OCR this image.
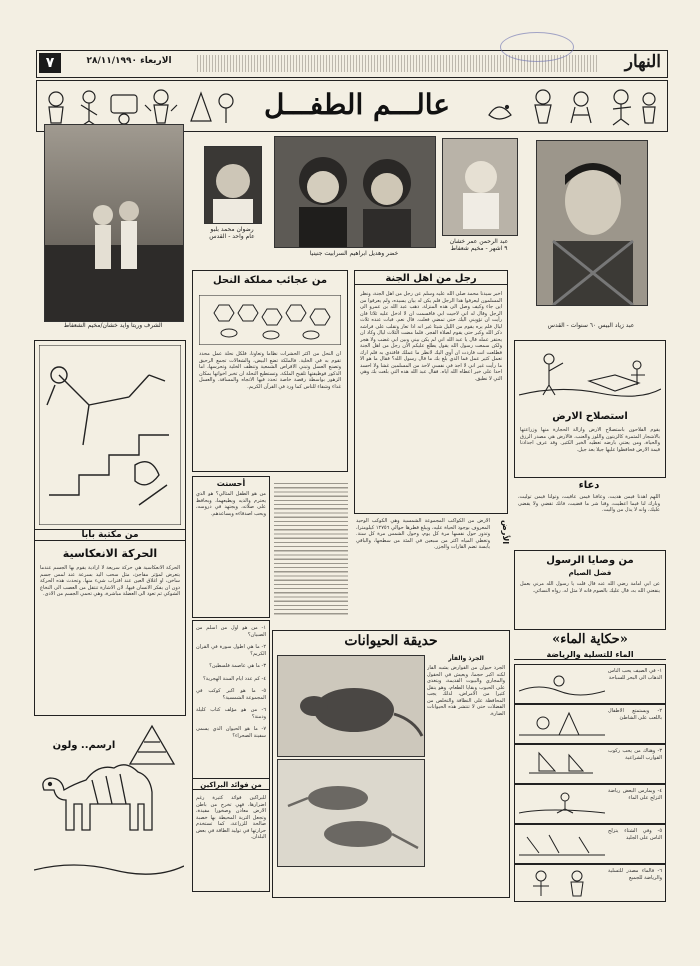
٧	الاربعاء ٢٨/١١/١٩٩٠	النهار
عالـــم الطفـــل
الشرف وريتا وايد خشان/مخيم الشعفاط
رضوان محمد بلبو
عام واحد - القدس
خضر وهديل ابراهيم السرابيت جنينيا
عبد الرحمن عمر خشان
٩ اشهر - مخيم شعفاط
عبد زياد البيس ٦٠ سنوات - القدس
رجل من اهل الجنة
اخبر سيدنا محمد صلى الله عليه وسلم عن رجل من اهل الجنة، ونظر المسلمون ليعرفوا هذا الرجل فلم يكن له بيان يسيده، ولم يعرفوا من اين جاء وكيف وصل الى هذه المنزلة. ذهب عبد الله بن عمرو الى الرجل وقال له اني لاحيت ابي فاقسمت ان لا ادخل عليه ثلاثا فان رأيت ان تؤويني اليك حتى تمضي فعلت. قال نعم. فبات عنده ثلاث ليال فلم يره يقوم من الليل شيئا غير انه اذا تعار وتقلب على فراشه ذكر الله وكبر حتى يقوم لصلاة الفجر. فلما مضت الثلاث ليال وكاد ان يحتقر عمله قال يا عبد الله اني لم يكن بيني وبين ابي غضب ولا هجر ولكن سمعت رسول الله يقول يطلع عليكم الان رجل من اهل الجنة فطلعت انت فاردت ان آوي اليك لانظر ما عملك فاقتدي به فلم ارك تعمل كثير عمل فما الذي بلغ بك ما قال رسول الله؟ فقال ما هو الا ما رأيت غير اني لا اجد في نفسي لاحد من المسلمين غشا ولا احسد احدا على خير اعطاه الله اياه. فقال عبد الله هذه التي بلغت بك وهي التي لا نطيق.
من عجائب مملكة النحل
ان النحل من اكثر الحشرات نظاما وتعاونا، فلكل نحلة عمل محدد تقوم به في الخلية. فالملكة تضع البيض، والشغالات تجمع الرحيق وتصنع العسل وتبني الاقراص الشمعية وتنظف الخلية وتحرسها، اما الذكور فوظيفتها تلقيح الملكة. وتستطيع النحلة ان تخبر اخواتها بمكان الزهور بواسطة رقصة خاصة تحدد فيها الاتجاه والمسافة. والعسل غذاء وشفاء للناس كما ورد في القرآن الكريم.
استصلاح الارض
يقوم الفلاحون باستصلاح الارض وازالة الحجارة منها وزراعتها بالاشجار المثمرة كالزيتون واللوز والعنب، فالارض هي مصدر الرزق والحياة، ومن يعتني بارضه تعطيه الخير الكثير. وقد عرف اجدادنا قيمة الارض فحافظوا عليها جيلا بعد جيل.
دعاء
اللهم اهدنا فيمن هديت، وعافنا فيمن عافيت، وتولنا فيمن توليت، وبارك لنا فيما اعطيت، وقنا شر ما قضيت، فانك تقضي ولا يقضى عليك، وانه لا يذل من واليت.
من وصايا الرسول
فضل الصيام
عن ابي امامة رضي الله عنه قال قلت يا رسول الله مرني بعمل ينفعني الله به، قال عليك بالصوم فانه لا مثل له. رواه النسائي.
الأرض
الارض من الكواكب المجموعة الشمسية وهي الكوكب الوحيد المعروف بوجود الحياة عليه، ويبلغ قطرها حوالي ١٢٧٥٦ كيلومترا، وتدور حول نفسها مرة كل يوم، وحول الشمس مرة كل سنة. وتغطي المياه اكثر من سبعين في المئة من سطحها، والباقي يابسة تضم القارات والجزر.
أحسنت
من هو الطفل المثالي؟ هو الذي يحترم والديه ويطيعهما، ويحافظ على صلاته، ويجتهد في دروسه، ويحب اصدقاءه ويساعدهم.
من مكتبة بابا
الحركة الانعكاسية
الحركة الانعكاسية هي حركة سريعة لا ارادية يقوم بها الجسم عندما يتعرض لمؤثر مفاجئ، مثل سحب اليد بسرعة عند لمس جسم ساخن، او اغلاق العين عند اقتراب شيء منها. وتحدث هذه الحركة دون ان يفكر الانسان فيها، لان الاشارة تنتقل من العصب الى النخاع الشوكي ثم تعود الى العضلة مباشرة، وهي تحمي الجسم من الاذى.
١- من هو اول من اسلم من الصبيان؟
٢- ما هي اطول سورة في القرآن الكريم؟
٣- ما هي عاصمة فلسطين؟
٤- كم عدد ايام السنة الهجرية؟
٥- ما هو اكبر كوكب في المجموعة الشمسية؟
٦- من هو مؤلف كتاب كليلة ودمنة؟
٧- ما هو الحيوان الذي يسمى سفينة الصحراء؟
من فوائد البراكين
للبراكين فوائد كثيرة رغم اضرارها، فهي تخرج من باطن الارض معادن وصخورا مفيدة، وتجعل التربة المحيطة بها خصبة صالحة للزراعة، كما تستخدم حرارتها في توليد الطاقة في بعض البلدان.
حديقة الحيوانات
الجرذ والفأر
الجرذ حيوان من القوارض يشبه الفأر لكنه اكبر حجما، ويعيش في الحقول والمجاري والبيوت القديمة، ويتغذى على الحبوب وبقايا الطعام، وهو ينقل كثيرا من الامراض، لذلك يجب المحافظة على النظافة والتخلص من الفضلات حتى لا تنتشر هذه الحيوانات الضارة.
ارسم.. ولون
«حكاية الماء»
الماء للتسلية والرياضة
١- في الصيف يحب الناس الذهاب الى البحر للسباحة
٢- ويستمتع الاطفال باللعب على الشاطئ
٣- وهناك من يحب ركوب القوارب الشراعية
٤- ويمارس البعض رياضة التزلج على الماء
٥- وفي الشتاء يتزلج الناس على الجليد
٦- فالماء مصدر للتسلية والرياضة للجميع
